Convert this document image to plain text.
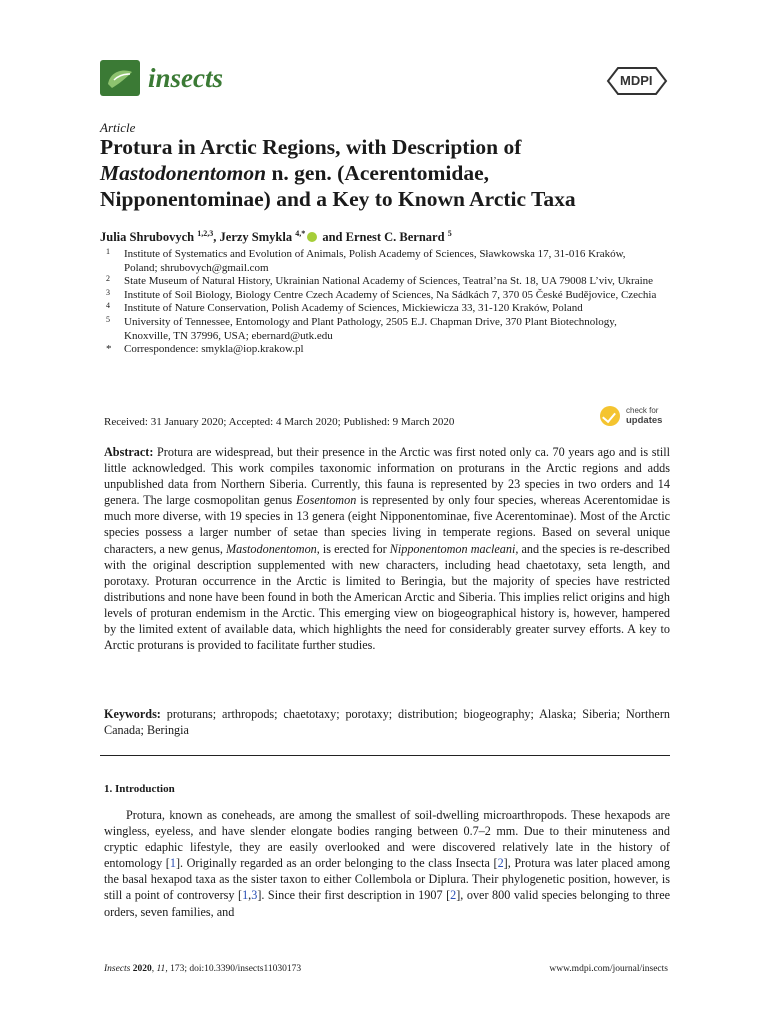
insects	MDPI
Article
Protura in Arctic Regions, with Description of
Mastodonentomon n. gen. (Acerentomidae,
Nipponentominae) and a Key to Known Arctic Taxa
Julia Shrubovych $^{1,2,3}$, Jerzy Smykla $^{4,*}$ and Ernest C. Bernard $^5$
1 Institute of Systematics and Evolution of Animals, Polish Academy of Sciences, Sławkowska 17, 31-016 Kraków, Poland; shrubovych@gmail.com
2 State Museum of Natural History, Ukrainian National Academy of Sciences, Teatral’na St. 18, UA 79008 L’viv, Ukraine
3 Institute of Soil Biology, Biology Centre Czech Academy of Sciences, Na Sádkách 7, 370 05 České Budějovice, Czechia
4 Institute of Nature Conservation, Polish Academy of Sciences, Mickiewicza 33, 31-120 Kraków, Poland
5 University of Tennessee, Entomology and Plant Pathology, 2505 E.J. Chapman Drive, 370 Plant Biotechnology, Knoxville, TN 37996, USA; ebernard@utk.edu
* Correspondence: smykla@iop.krakow.pl
Received: 31 January 2020; Accepted: 4 March 2020; Published: 9 March 2020
check for
updates
Abstract: Protura are widespread, but their presence in the Arctic was first noted only ca. 70 years ago and is still little acknowledged. This work compiles taxonomic information on proturans in the Arctic regions and adds unpublished data from Northern Siberia. Currently, this fauna is represented by 23 species in two orders and 14 genera. The large cosmopolitan genus Eosentomon is represented by only four species, whereas Acerentomidae is much more diverse, with 19 species in 13 genera (eight Nipponentominae, five Acerentominae). Most of the Arctic species possess a larger number of setae than species living in temperate regions. Based on several unique characters, a new genus, Mastodonentomon, is erected for Nipponentomon macleani, and the species is re-described with the original description supplemented with new characters, including head chaetotaxy, seta length, and porotaxy. Proturan occurrence in the Arctic is limited to Beringia, but the majority of species have restricted distributions and none have been found in both the American Arctic and Siberia. This implies relict origins and high levels of proturan endemism in the Arctic. This emerging view on biogeographical history is, however, hampered by the limited extent of available data, which highlights the need for considerably greater survey efforts. A key to Arctic proturans is provided to facilitate further studies.
Keywords: proturans; arthropods; chaetotaxy; porotaxy; distribution; biogeography; Alaska; Siberia; Northern Canada; Beringia
1. Introduction
Protura, known as coneheads, are among the smallest of soil-dwelling microarthropods. These hexapods are wingless, eyeless, and have slender elongate bodies ranging between 0.7–2 mm. Due to their minuteness and cryptic edaphic lifestyle, they are easily overlooked and were discovered relatively late in the history of entomology [1]. Originally regarded as an order belonging to the class Insecta [2], Protura was later placed among the basal hexapod taxa as the sister taxon to either Collembola or Diplura. Their phylogenetic position, however, is still a point of controversy [1,3]. Since their first description in 1907 [2], over 800 valid species belonging to three orders, seven families, and
Insects 2020, 11, 173; doi:10.3390/insects11030173	www.mdpi.com/journal/insects
